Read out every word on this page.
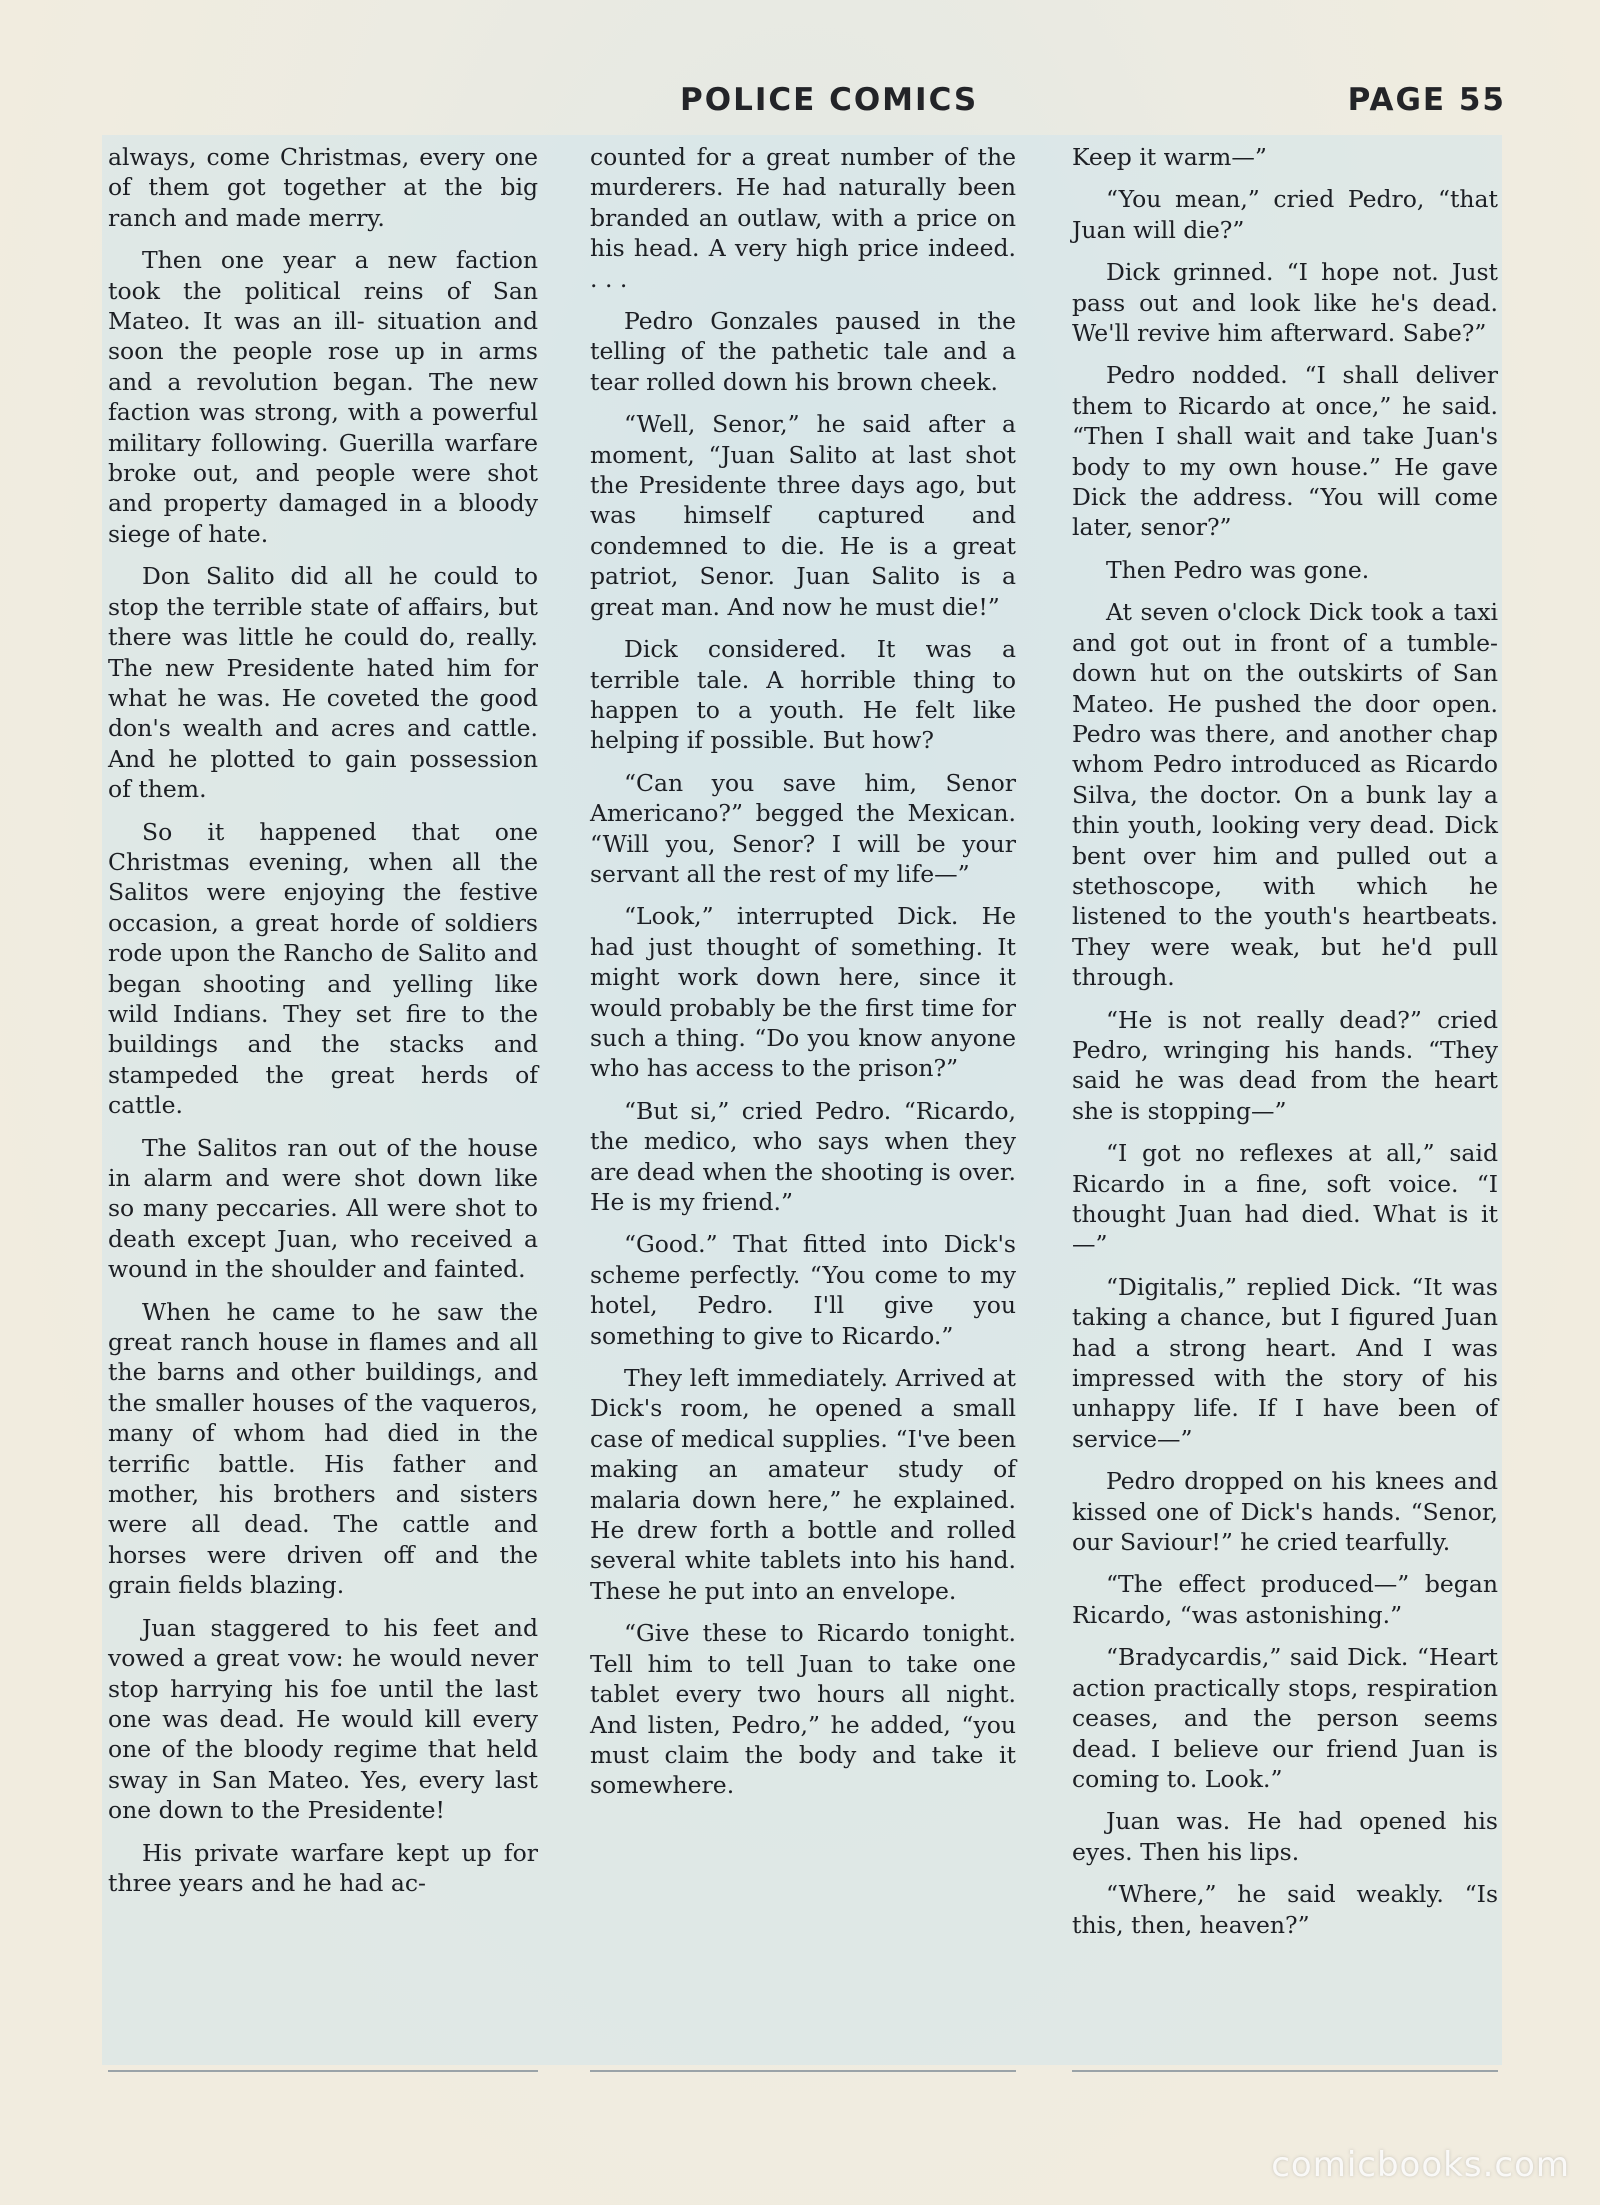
POLICE COMICS	PAGE 55

always, come Christmas, every one of them got together at the big ranch and made merry.

Then one year a new faction took the political reins of San Mateo. It was an ill- situation and soon the people rose up in arms and a revolution began. The new faction was strong, with a powerful military following. Guerilla warfare broke out, and people were shot and property damaged in a bloody siege of hate.

Don Salito did all he could to stop the terrible state of affairs, but there was little he could do, really. The new Presidente hated him for what he was. He coveted the good don's wealth and acres and cattle. And he plotted to gain possession of them.

So it happened that one Christmas evening, when all the Salitos were enjoying the festive occasion, a great horde of soldiers rode upon the Rancho de Salito and began shooting and yelling like wild Indians. They set fire to the buildings and the stacks and stampeded the great herds of cattle.

The Salitos ran out of the house in alarm and were shot down like so many peccaries. All were shot to death except Juan, who received a wound in the shoulder and fainted.

When he came to he saw the great ranch house in flames and all the barns and other buildings, and the smaller houses of the vaqueros, many of whom had died in the terrific battle. His father and mother, his brothers and sisters were all dead. The cattle and horses were driven off and the grain fields blazing.

Juan staggered to his feet and vowed a great vow: he would never stop harrying his foe until the last one was dead. He would kill every one of the bloody regime that held sway in San Mateo. Yes, every last one down to the Presidente!

His private warfare kept up for three years and he had ac-

counted for a great number of the murderers. He had naturally been branded an outlaw, with a price on his head. A very high price indeed. . . .

Pedro Gonzales paused in the telling of the pathetic tale and a tear rolled down his brown cheek.

“Well, Senor,” he said after a moment, “Juan Salito at last shot the Presidente three days ago, but was himself captured and condemned to die. He is a great patriot, Senor. Juan Salito is a great man. And now he must die!”

Dick considered. It was a terrible tale. A horrible thing to happen to a youth. He felt like helping if possible. But how?

“Can you save him, Senor Americano?” begged the Mexican. “Will you, Senor? I will be your servant all the rest of my life—”

“Look,” interrupted Dick. He had just thought of something. It might work down here, since it would probably be the first time for such a thing. “Do you know anyone who has access to the prison?”

“But si,” cried Pedro. “Ricardo, the medico, who says when they are dead when the shooting is over. He is my friend.”

“Good.” That fitted into Dick's scheme perfectly. “You come to my hotel, Pedro. I'll give you something to give to Ricardo.”

They left immediately. Arrived at Dick's room, he opened a small case of medical supplies. “I've been making an amateur study of malaria down here,” he explained. He drew forth a bottle and rolled several white tablets into his hand. These he put into an envelope.

“Give these to Ricardo tonight. Tell him to tell Juan to take one tablet every two hours all night. And listen, Pedro,” he added, “you must claim the body and take it somewhere.

Keep it warm—”

“You mean,” cried Pedro, “that Juan will die?”

Dick grinned. “I hope not. Just pass out and look like he's dead. We'll revive him afterward. Sabe?”

Pedro nodded. “I shall deliver them to Ricardo at once,” he said. “Then I shall wait and take Juan's body to my own house.” He gave Dick the address. “You will come later, senor?”

Then Pedro was gone.

At seven o'clock Dick took a taxi and got out in front of a tumble-down hut on the outskirts of San Mateo. He pushed the door open. Pedro was there, and another chap whom Pedro introduced as Ricardo Silva, the doctor. On a bunk lay a thin youth, looking very dead. Dick bent over him and pulled out a stethoscope, with which he listened to the youth's heartbeats. They were weak, but he'd pull through.

“He is not really dead?” cried Pedro, wringing his hands. “They said he was dead from the heart she is stopping—”

“I got no reflexes at all,” said Ricardo in a fine, soft voice. “I thought Juan had died. What is it—”

“Digitalis,” replied Dick. “It was taking a chance, but I figured Juan had a strong heart. And I was impressed with the story of his unhappy life. If I have been of service—”

Pedro dropped on his knees and kissed one of Dick's hands. “Senor, our Saviour!” he cried tearfully.

“The effect produced—” began Ricardo, “was astonishing.”

“Bradycardis,” said Dick. “Heart action practically stops, respiration ceases, and the person seems dead. I believe our friend Juan is coming to. Look.”

Juan was. He had opened his eyes. Then his lips.

“Where,” he said weakly. “Is this, then, heaven?”

comicbooks.com
